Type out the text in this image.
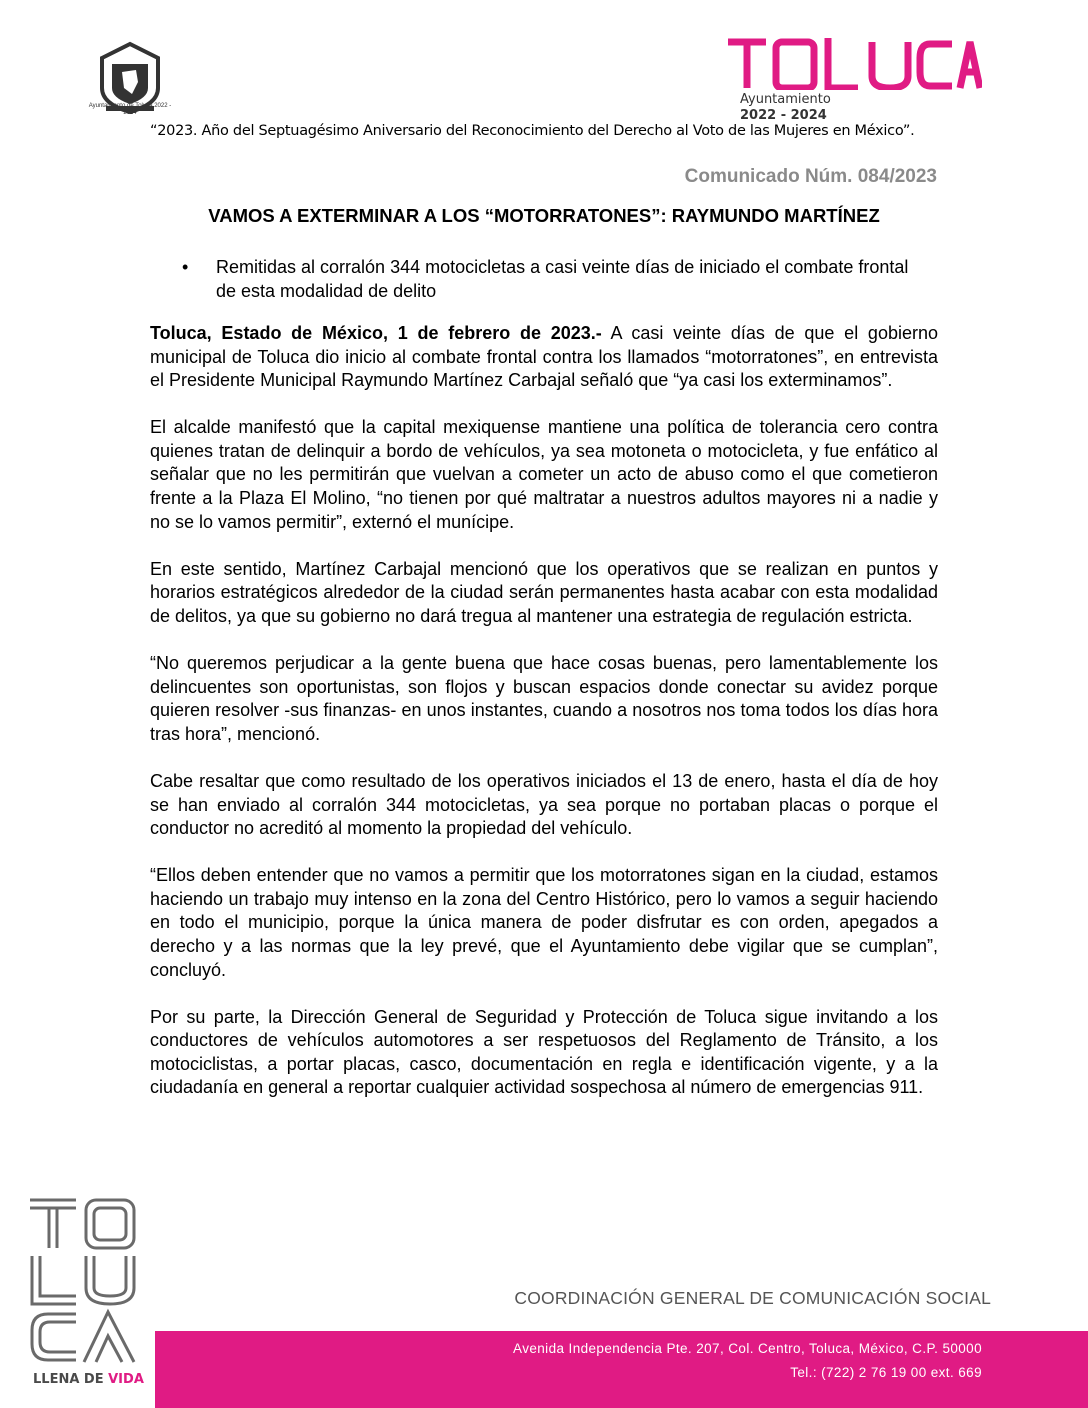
Ayuntamiento de Toluca 2022 - 2024
Ayuntamiento
2022 - 2024
“2023. Año del Septuagésimo Aniversario del Reconocimiento del Derecho al Voto de las Mujeres en México”.
Comunicado Núm. 084/2023
VAMOS A EXTERMINAR A LOS “MOTORRATONES”: RAYMUNDO MARTÍNEZ
• Remitidas al corralón 344 motocicletas a casi veinte días de iniciado el combate frontal de esta modalidad de delito

Toluca, Estado de México, 1 de febrero de 2023.- A casi veinte días de que el gobierno municipal de Toluca dio inicio al combate frontal contra los llamados “motorratones”, en entrevista el Presidente Municipal Raymundo Martínez Carbajal señaló que “ya casi los exterminamos”.

El alcalde manifestó que la capital mexiquense mantiene una política de tolerancia cero contra quienes tratan de delinquir a bordo de vehículos, ya sea motoneta o motocicleta, y fue enfático al señalar que no les permitirán que vuelvan a cometer un acto de abuso como el que cometieron frente a la Plaza El Molino, “no tienen por qué maltratar a nuestros adultos mayores ni a nadie y no se lo vamos permitir”, externó el munícipe.

En este sentido, Martínez Carbajal mencionó que los operativos que se realizan en puntos y horarios estratégicos alrededor de la ciudad serán permanentes hasta acabar con esta modalidad de delitos, ya que su gobierno no dará tregua al mantener una estrategia de regulación estricta.

“No queremos perjudicar a la gente buena que hace cosas buenas, pero lamentablemente los delincuentes son oportunistas, son flojos y buscan espacios donde conectar su avidez porque quieren resolver -sus finanzas- en unos instantes, cuando a nosotros nos toma todos los días hora tras hora”, mencionó.

Cabe resaltar que como resultado de los operativos iniciados el 13 de enero, hasta el día de hoy se han enviado al corralón 344 motocicletas, ya sea porque no portaban placas o porque el conductor no acreditó al momento la propiedad del vehículo.

“Ellos deben entender que no vamos a permitir que los motorratones sigan en la ciudad, estamos haciendo un trabajo muy intenso en la zona del Centro Histórico, pero lo vamos a seguir haciendo en todo el municipio, porque la única manera de poder disfrutar es con orden, apegados a derecho y a las normas que la ley prevé, que el Ayuntamiento debe vigilar que se cumplan”, concluyó.

Por su parte, la Dirección General de Seguridad y Protección de Toluca sigue invitando a los conductores de vehículos automotores a ser respetuosos del Reglamento de Tránsito, a los motociclistas, a portar placas, casco, documentación en regla e identificación vigente, y a la ciudadanía en general a reportar cualquier actividad sospechosa al número de emergencias 911.

LLENA DE VIDA
COORDINACIÓN GENERAL DE COMUNICACIÓN SOCIAL
Avenida Independencia Pte. 207, Col. Centro, Toluca, México, C.P. 50000
Tel.: (722) 2 76 19 00 ext. 669
